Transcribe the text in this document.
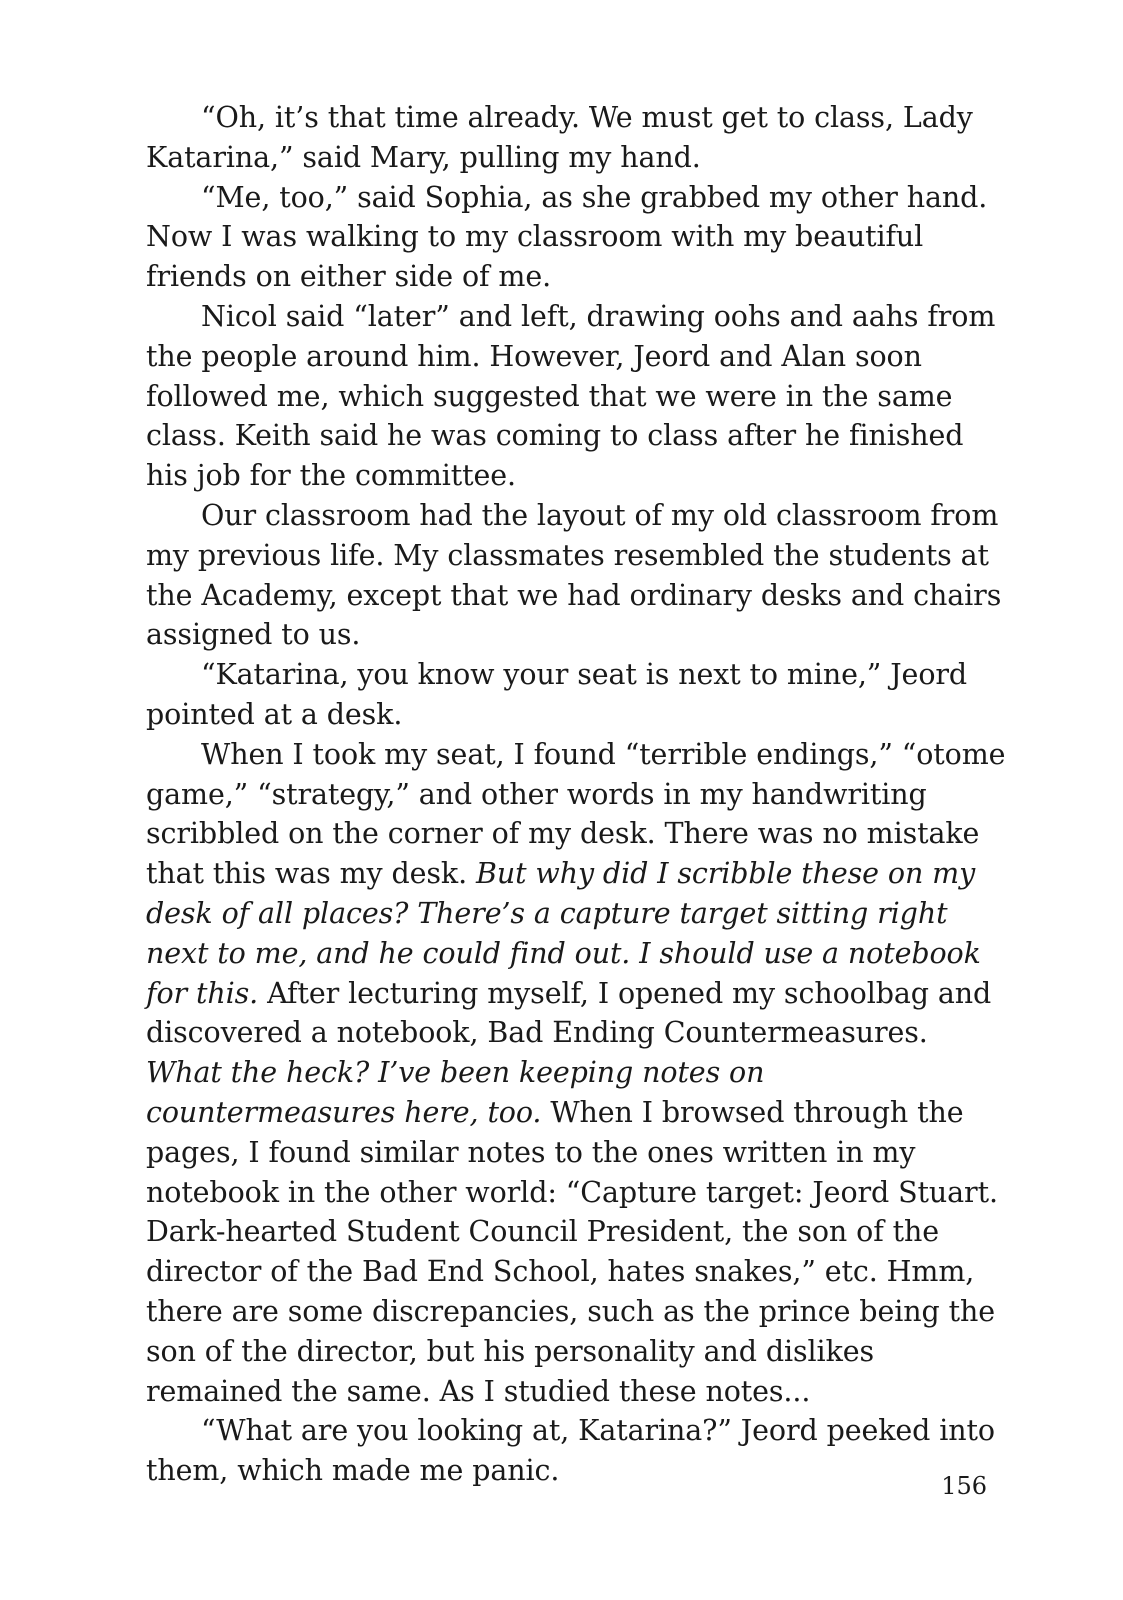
“Oh, it’s that time already. We must get to class, Lady Katarina,” said Mary, pulling my hand.

“Me, too,” said Sophia, as she grabbed my other hand. Now I was walking to my classroom with my beautiful friends on either side of me.

Nicol said “later” and left, drawing oohs and aahs from the people around him. However, Jeord and Alan soon followed me, which suggested that we were in the same class. Keith said he was coming to class after he finished his job for the committee.

Our classroom had the layout of my old classroom from my previous life. My classmates resembled the students at the Academy, except that we had ordinary desks and chairs assigned to us.

“Katarina, you know your seat is next to mine,” Jeord pointed at a desk.

When I took my seat, I found “terrible endings,” “otome game,” “strategy,” and other words in my handwriting scribbled on the corner of my desk. There was no mistake that this was my desk. But why did I scribble these on my desk of all places? There’s a capture target sitting right next to me, and he could find out. I should use a notebook for this. After lecturing myself, I opened my schoolbag and discovered a notebook, Bad Ending Countermeasures. What the heck? I’ve been keeping notes on countermeasures here, too. When I browsed through the pages, I found similar notes to the ones written in my notebook in the other world: “Capture target: Jeord Stuart. Dark-hearted Student Council President, the son of the director of the Bad End School, hates snakes,” etc. Hmm, there are some discrepancies, such as the prince being the son of the director, but his personality and dislikes remained the same. As I studied these notes...

“What are you looking at, Katarina?” Jeord peeked into them, which made me panic.	156
